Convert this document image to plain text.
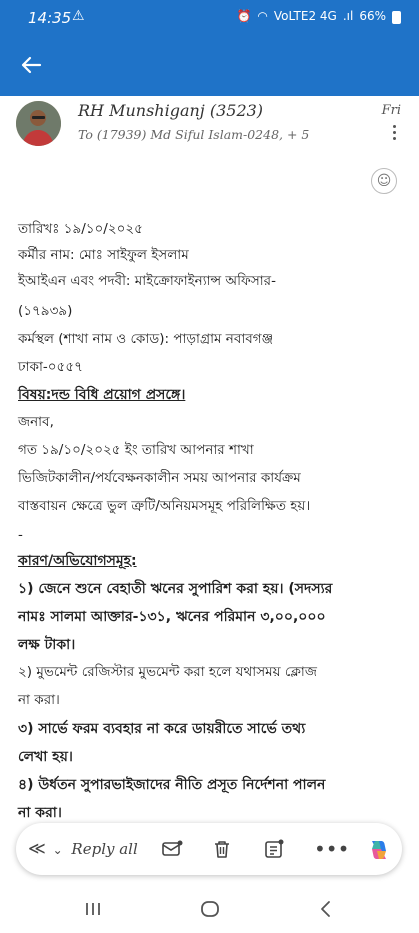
14:35 ⚠	⏰ ◠ VoLTE2 4G .ıl 66%
RH Munshiganj (3523)
To (17939) Md Siful Islam-0248, + 5
Fri
☺
তারিখঃ ১৯/১০/২০২৫
কর্মীর নাম: মোঃ সাইফুল ইসলাম
ইআইএন এবং পদবী: মাইক্রোফাইন্যান্স অফিসার-
(১৭৯৩৯)
কর্মস্থল (শাখা নাম ও কোড): পাড়াগ্রাম নবাবগঞ্জ
ঢাকা-০৫৫৭
বিষয়:দন্ড বিধি প্রয়োগ প্রসঙ্গে।
জনাব,
গত ১৯/১০/২০২৫ ইং তারিখ আপনার শাখা
ভিজিটকালীন/পর্যবেক্ষনকালীন সময় আপনার কার্যক্রম
বাস্তবায়ন ক্ষেত্রে ভুল ত্রুটি/অনিয়মসমূহ পরিলিক্ষিত হয়।
-
কারণ/অভিযোগসমূহ:
১) জেনে শুনে বেহাতী ঋনের সুপারিশ করা হয়। (সদস্যর
নামঃ সালমা আক্তার-১৩১, ঋনের পরিমান ৩,০০,০০০
লক্ষ টাকা।
২) মুভমেন্ট রেজিস্টার মুভমেন্ট করা হলে যথাসময় ক্লোজ
না করা।
৩) সার্ভে ফরম ব্যবহার না করে ডায়রীতে সার্ভে তথ্য
লেখা হয়।
৪) উর্ধতন সুপারভাইজাদের নীতি প্রসূত নির্দেশনা পালন
না করা।
≪ ⌄ Reply all	•••
